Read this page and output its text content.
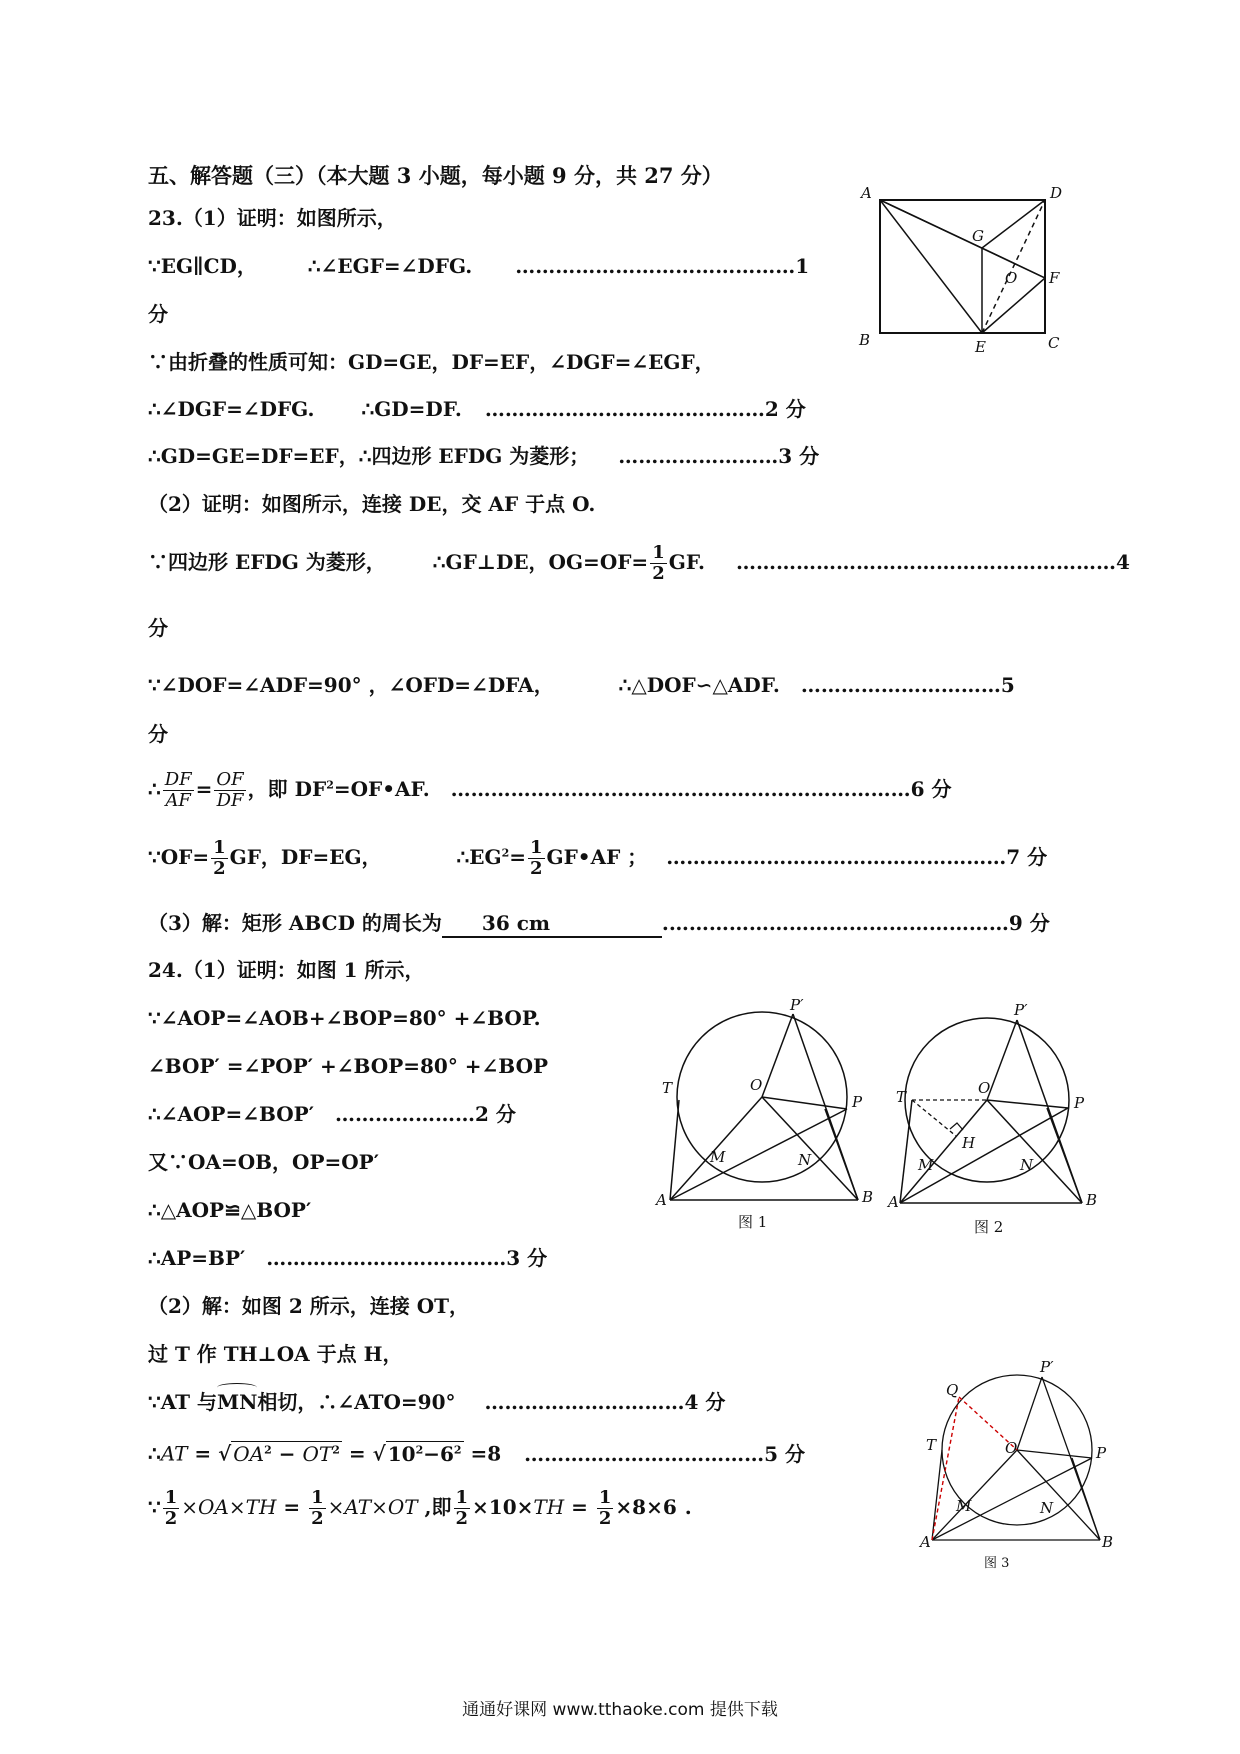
五、解答题（三）（本大题 3 小题，每小题 9 分，共 27 分）
23.（1）证明：如图所示，
∵EG∥CD，	∴∠EGF=∠DFG. ……………………………………1
分
∵由折叠的性质可知：GD=GE，DF=EF，∠DGF=∠EGF，
∴∠DGF=∠DFG. ∴GD=DF. ……………………………………2 分
∴GD=GE=DF=EF，∴四边形 EFDG 为菱形； ……………………3 分
（2）证明：如图所示，连接 DE，交 AF 于点 O.
∵四边形 EFDG 为菱形， ∴GF⊥DE，$OG=OF= \frac{1}{2}$ GF. …………………………………………………4
分
∵∠DOF=∠ADF=90° ，∠OFD=∠DFA，	∴△DOF∽△ADF. …………………………5
分
∴ $\frac{DF}{AF} = \frac{OF}{DF}$ ，即 $DF^2=OF•AF$. ……………………………………………………………6 分
∵OF= $\frac{1}{2}$ GF，DF=EG，	$\therefore EG^2= \frac{1}{2}$ GF•AF ； ……………………………………………7 分
（3）解：矩形 ABCD 的周长为 36 cm	.……………………………………………9 分
A	D
B	C
E
F
G
O
24.（1）证明：如图 1 所示，
∵∠AOP=∠AOB+∠BOP=80° +∠BOP.
∠BOP′ =∠POP′ +∠BOP=80° +∠BOP
∴∠AOP=∠BOP′ …………………2 分
又∵OA=OB，OP=OP′
∴△AOP≌△BOP′
∴AP=BP′ ………………………………3 分
（2）解：如图 2 所示，连接 OT，
过 T 作 TH⊥OA 于点 H，
∵AT 与
MN相切，∴∠ATO=90° …………………………4 分
∴AT = √ $OA^2 - OT^2$ = √ $10^2-6^2 =8$ ………………………………5 分
∵ $\frac{1}{2} \times OA\times TH = \frac{1}{2} \times AT\times OT$ ,即 $\frac{1}{2} \times 10\times TH = \frac{1}{2} \times 8\times 6$ .
A	B
T	O
P
P′
M	N
图 1
A	B
T	O
P
P′
M	N
H
图 2
A	B
T	O	P
P′
M	N
Q
图 3
通通好课网 www.tthaoke.com 提供下载
